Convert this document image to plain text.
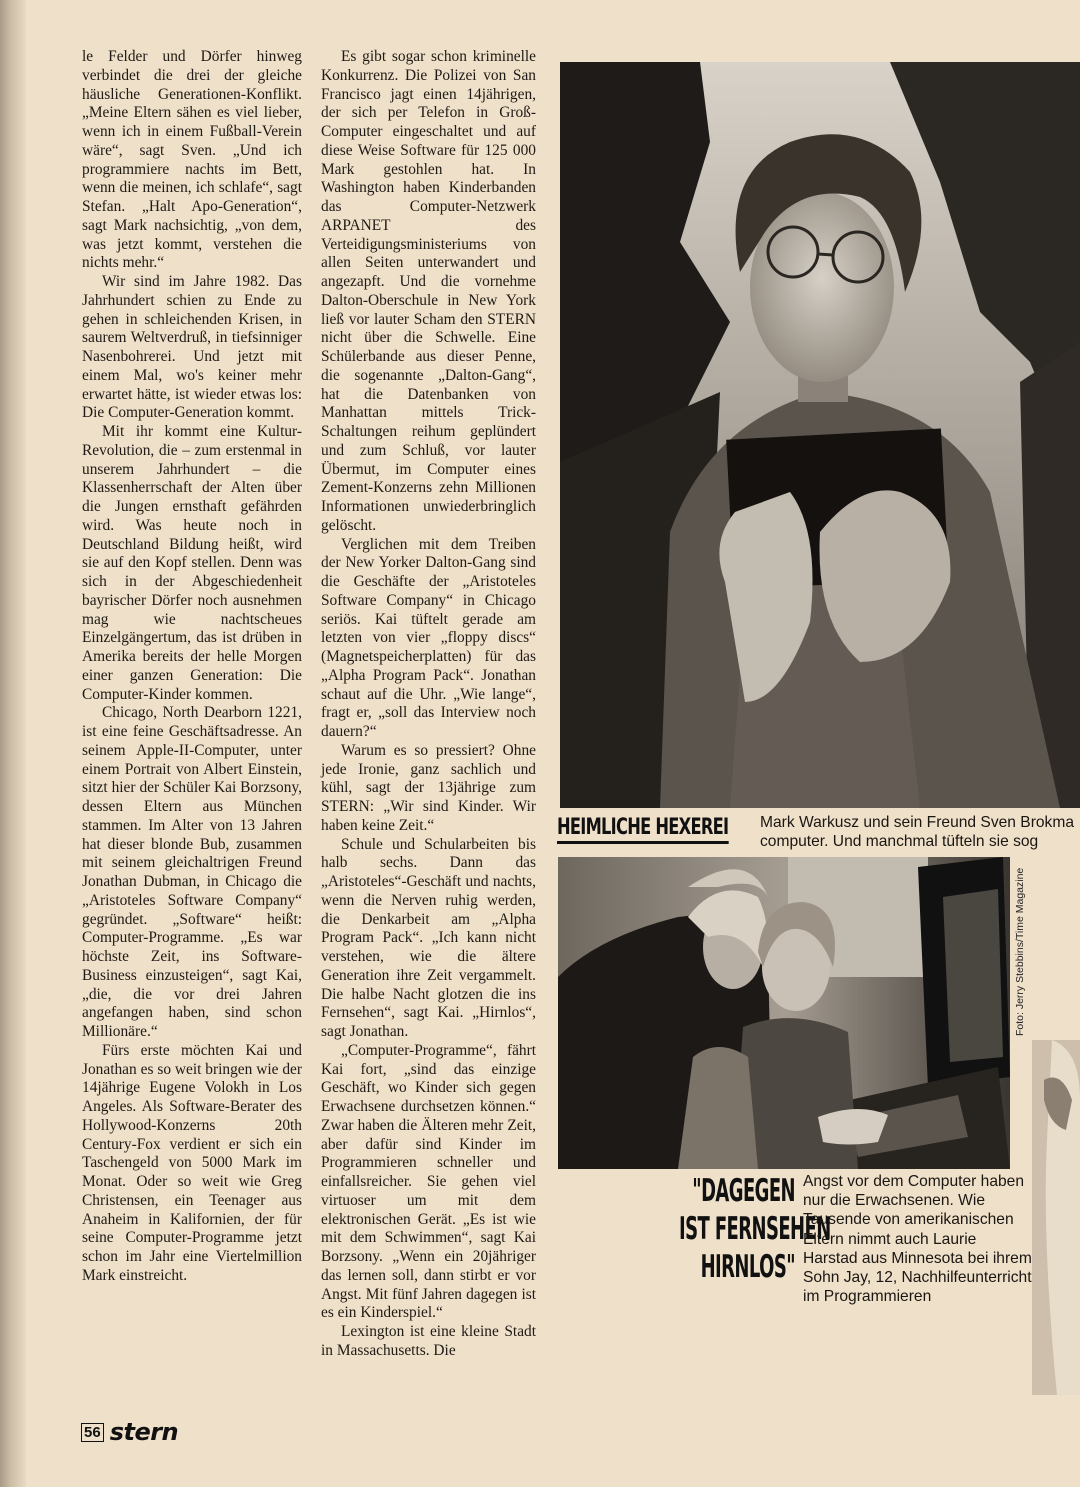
le Felder und Dörfer hinweg verbindet die drei der gleiche häusliche Generationen-Konflikt. „Meine Eltern sähen es viel lieber, wenn ich in einem Fußball-Verein wäre“, sagt Sven. „Und ich programmiere nachts im Bett, wenn die meinen, ich schlafe“, sagt Stefan. „Halt Apo-Generation“, sagt Mark nachsichtig, „von dem, was jetzt kommt, verstehen die nichts mehr.“

Wir sind im Jahre 1982. Das Jahrhundert schien zu Ende zu gehen in schleichenden Krisen, in saurem Weltverdruß, in tiefsinniger Nasenbohrerei. Und jetzt mit einem Mal, wo's keiner mehr erwartet hätte, ist wieder etwas los: Die Computer-Generation kommt.

Mit ihr kommt eine Kultur-Revolution, die – zum erstenmal in unserem Jahrhundert – die Klassenherrschaft der Alten über die Jungen ernsthaft gefährden wird. Was heute noch in Deutschland Bildung heißt, wird sie auf den Kopf stellen. Denn was sich in der Abgeschiedenheit bayrischer Dörfer noch ausnehmen mag wie nachtscheues Einzelgängertum, das ist drüben in Amerika bereits der helle Morgen einer ganzen Generation: Die Computer-Kinder kommen.

Chicago, North Dearborn 1221, ist eine feine Geschäftsadresse. An seinem Apple-II-Computer, unter einem Portrait von Albert Einstein, sitzt hier der Schüler Kai Borzsony, dessen Eltern aus München stammen. Im Alter von 13 Jahren hat dieser blonde Bub, zusammen mit seinem gleichaltrigen Freund Jonathan Dubman, in Chicago die „Aristoteles Software Company“ gegründet. „Software“ heißt: Computer-Programme. „Es war höchste Zeit, ins Software-Business einzusteigen“, sagt Kai, „die, die vor drei Jahren angefangen haben, sind schon Millionäre.“

Fürs erste möchten Kai und Jonathan es so weit bringen wie der 14jährige Eugene Volokh in Los Angeles. Als Software-Berater des Hollywood-Konzerns 20th Century-Fox verdient er sich ein Taschengeld von 5000 Mark im Monat. Oder so weit wie Greg Christensen, ein Teenager aus Anaheim in Kalifornien, der für seine Computer-Programme jetzt schon im Jahr eine Viertelmillion Mark einstreicht.

Es gibt sogar schon kriminelle Konkurrenz. Die Polizei von San Francisco jagt einen 14jährigen, der sich per Telefon in Groß-Computer eingeschaltet und auf diese Weise Software für 125 000 Mark gestohlen hat. In Washington haben Kinderbanden das Computer-Netzwerk ARPANET des Verteidigungsministeriums von allen Seiten unterwandert und angezapft. Und die vornehme Dalton-Oberschule in New York ließ vor lauter Scham den STERN nicht über die Schwelle. Eine Schülerbande aus dieser Penne, die sogenannte „Dalton-Gang“, hat die Datenbanken von Manhattan mittels Trick-Schaltungen reihum geplündert und zum Schluß, vor lauter Übermut, im Computer eines Zement-Konzerns zehn Millionen Informationen unwiederbringlich gelöscht.

Verglichen mit dem Treiben der New Yorker Dalton-Gang sind die Geschäfte der „Aristoteles Software Company“ in Chicago seriös. Kai tüftelt gerade am letzten von vier „floppy discs“ (Magnetspeicherplatten) für das „Alpha Program Pack“. Jonathan schaut auf die Uhr. „Wie lange“, fragt er, „soll das Interview noch dauern?“

Warum es so pressiert? Ohne jede Ironie, ganz sachlich und kühl, sagt der 13jährige zum STERN: „Wir sind Kinder. Wir haben keine Zeit.“

Schule und Schularbeiten bis halb sechs. Dann das „Aristoteles“-Geschäft und nachts, wenn die Nerven ruhig werden, die Denkarbeit am „Alpha Program Pack“. „Ich kann nicht verstehen, wie die ältere Generation ihre Zeit vergammelt. Die halbe Nacht glotzen die ins Fernsehen“, sagt Kai. „Hirnlos“, sagt Jonathan.

„Computer-Programme“, fährt Kai fort, „sind das einzige Geschäft, wo Kinder sich gegen Erwachsene durchsetzen können.“ Zwar haben die Älteren mehr Zeit, aber dafür sind Kinder im Programmieren schneller und einfallsreicher. Sie gehen viel virtuoser um mit dem elektronischen Gerät. „Es ist wie mit dem Schwimmen“, sagt Kai Borzsony. „Wenn ein 20jähriger das lernen soll, dann stirbt er vor Angst. Mit fünf Jahren dagegen ist es ein Kinderspiel.“

Lexington ist eine kleine Stadt in Massachusetts. Die

HEIMLICHE HEXEREI Mark Warkusz und sein Freund Sven Brokma
computer. Und manchmal tüfteln sie sog
Foto: Jerry Stebbins/Time Magazine
"DAGEGEN
IST FERNSEHEN
HIRNLOS"
Angst vor dem Computer haben nur die Erwachsenen. Wie Tausende von amerikanischen Eltern nimmt auch Laurie Harstad aus Minnesota bei ihrem Sohn Jay, 12, Nachhilfeunterricht im Programmieren
56 stern
